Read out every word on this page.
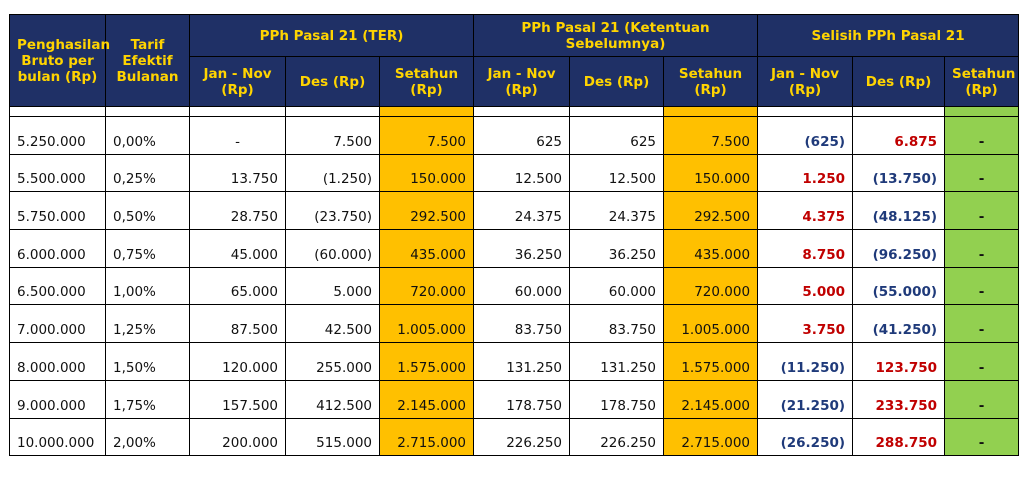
Penghasilan Bruto per bulan (Rp)	Tarif Efektif Bulanan	PPh Pasal 21 (TER)			PPh Pasal 21 (Ketentuan Sebelumnya)			Selisih PPh Pasal 21		
		Jan - Nov (Rp)	Des (Rp)	Setahun (Rp)	Jan - Nov (Rp)	Des (Rp)	Setahun (Rp)	Jan - Nov (Rp)	Des (Rp)	Setahun (Rp)

5.250.000	0,00%	-	7.500	7.500	625	625	7.500	(625)	6.875	-
5.500.000	0,25%	13.750	(1.250)	150.000	12.500	12.500	150.000	1.250	(13.750)	-
5.750.000	0,50%	28.750	(23.750)	292.500	24.375	24.375	292.500	4.375	(48.125)	-
6.000.000	0,75%	45.000	(60.000)	435.000	36.250	36.250	435.000	8.750	(96.250)	-
6.500.000	1,00%	65.000	5.000	720.000	60.000	60.000	720.000	5.000	(55.000)	-
7.000.000	1,25%	87.500	42.500	1.005.000	83.750	83.750	1.005.000	3.750	(41.250)	-
8.000.000	1,50%	120.000	255.000	1.575.000	131.250	131.250	1.575.000	(11.250)	123.750	-
9.000.000	1,75%	157.500	412.500	2.145.000	178.750	178.750	2.145.000	(21.250)	233.750	-
10.000.000	2,00%	200.000	515.000	2.715.000	226.250	226.250	2.715.000	(26.250)	288.750	-
